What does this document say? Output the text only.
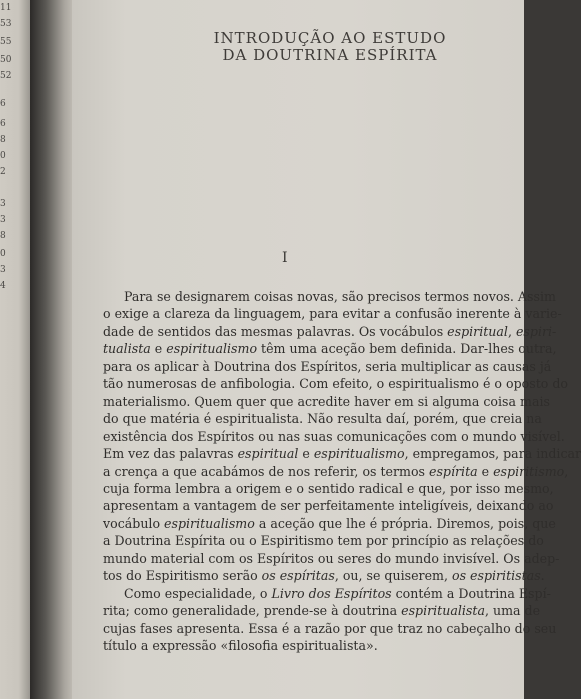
11
53
55
50
52
6
6
8
0
2
3
3
8
0
3
4
INTRODUÇÃO AO ESTUDO
DA DOUTRINA ESPÍRITA
I
Para se designarem coisas novas, são precisos termos novos. Assim
o exige a clareza da linguagem, para evitar a confusão inerente à varie-
dade de sentidos das mesmas palavras. Os vocábulos espiritual, espiri-
tualista e espiritualismo têm uma aceção bem definida. Dar-lhes outra,
para os aplicar à Doutrina dos Espíritos, seria multiplicar as causas já
tão numerosas de anfibologia. Com efeito, o espiritualismo é o oposto do
materialismo. Quem quer que acredite haver em si alguma coisa mais
do que matéria é espiritualista. Não resulta daí, porém, que creia na
existência dos Espíritos ou nas suas comunicações com o mundo visível.
Em vez das palavras espiritual e espiritualismo, empregamos, para indicar
a crença a que acabámos de nos referir, os termos espírita e espiritismo,
cuja forma lembra a origem e o sentido radical e que, por isso mesmo,
apresentam a vantagem de ser perfeitamente inteligíveis, deixando ao
vocábulo espiritualismo a aceção que lhe é própria. Diremos, pois, que
a Doutrina Espírita ou o Espiritismo tem por princípio as relações do
mundo material com os Espíritos ou seres do mundo invisível. Os adep-
tos do Espiritismo serão os espíritas, ou, se quiserem, os espiritistas.
Como especialidade, o Livro dos Espíritos contém a Doutrina Espí-
rita; como generalidade, prende-se à doutrina espiritualista, uma de
cujas fases apresenta. Essa é a razão por que traz no cabeçalho do seu
título a expressão «filosofia espiritualista».
